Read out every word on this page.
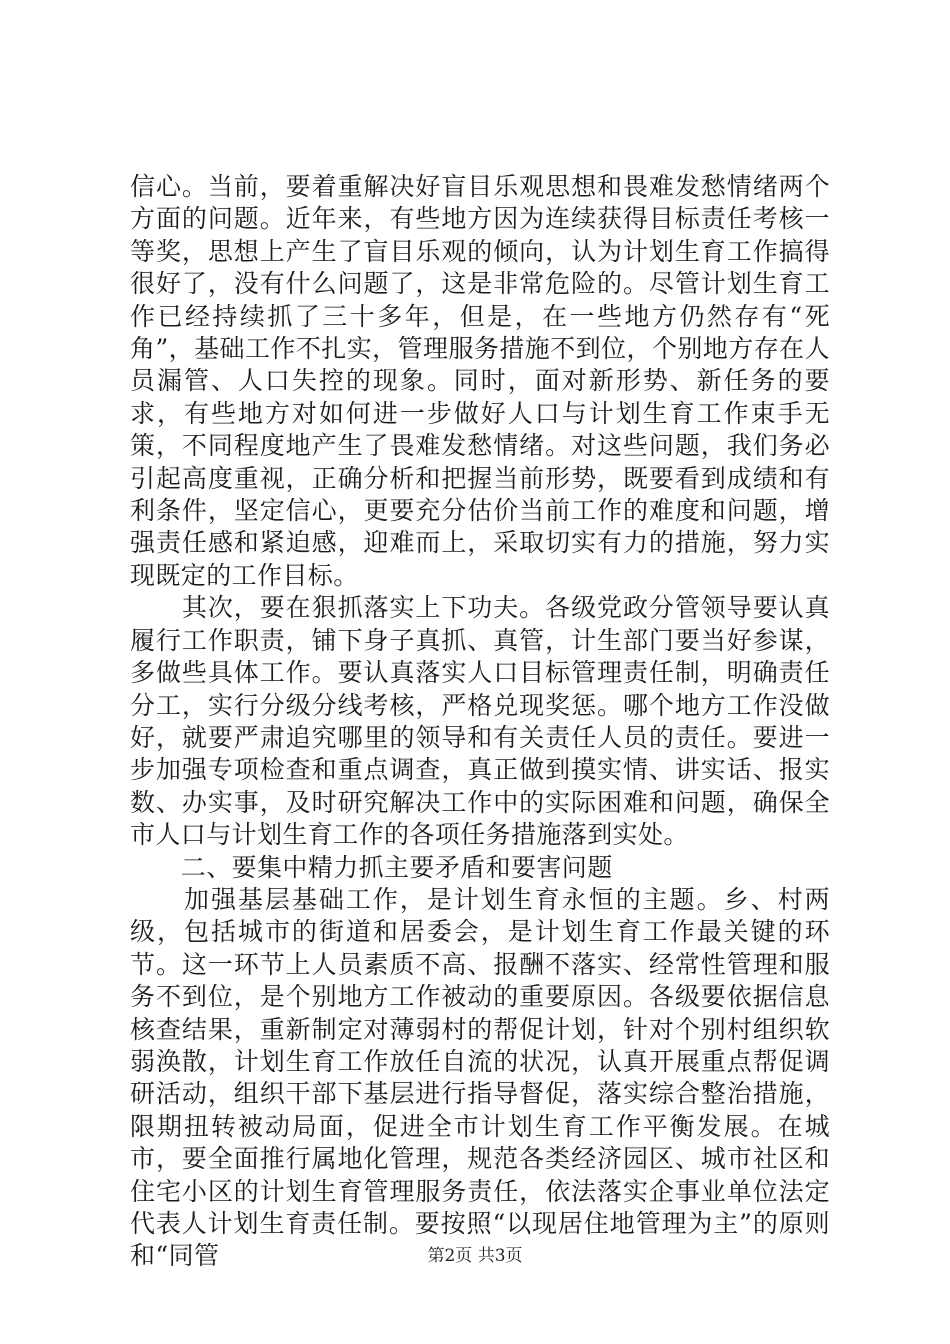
信心。当前，要着重解决好盲目乐观思想和畏难发愁情绪两个方面的问题。近年来，有些地方因为连续获得目标责任考核一等奖，思想上产生了盲目乐观的倾向，认为计划生育工作搞得很好了，没有什么问题了，这是非常危险的。尽管计划生育工作已经持续抓了三十多年，但是，在一些地方仍然存有“死角”，基础工作不扎实，管理服务措施不到位，个别地方存在人员漏管、人口失控的现象。同时，面对新形势、新任务的要求，有些地方对如何进一步做好人口与计划生育工作束手无策，不同程度地产生了畏难发愁情绪。对这些问题，我们务必引起高度重视，正确分析和把握当前形势，既要看到成绩和有利条件，坚定信心，更要充分估价当前工作的难度和问题，增强责任感和紧迫感，迎难而上，采取切实有力的措施，努力实现既定的工作目标。

　　其次，要在狠抓落实上下功夫。各级党政分管领导要认真履行工作职责，铺下身子真抓、真管，计生部门要当好参谋，多做些具体工作。要认真落实人口目标管理责任制，明确责任分工，实行分级分线考核，严格兑现奖惩。哪个地方工作没做好，就要严肃追究哪里的领导和有关责任人员的责任。要进一步加强专项检查和重点调查，真正做到摸实情、讲实话、报实数、办实事，及时研究解决工作中的实际困难和问题，确保全市人口与计划生育工作的各项任务措施落到实处。

　　二、要集中精力抓主要矛盾和要害问题

　　加强基层基础工作，是计划生育永恒的主题。乡、村两级，包括城市的街道和居委会，是计划生育工作最关键的环节。这一环节上人员素质不高、报酬不落实、经常性管理和服务不到位，是个别地方工作被动的重要原因。各级要依据信息核查结果，重新制定对薄弱村的帮促计划，针对个别村组织软弱涣散，计划生育工作放任自流的状况，认真开展重点帮促调研活动，组织干部下基层进行指导督促，落实综合整治措施，限期扭转被动局面，促进全市计划生育工作平衡发展。在城市，要全面推行属地化管理，规范各类经济园区、城市社区和住宅小区的计划生育管理服务责任，依法落实企事业单位法定代表人计划生育责任制。要按照“以现居住地管理为主”的原则和“同管	第2页 共3页
